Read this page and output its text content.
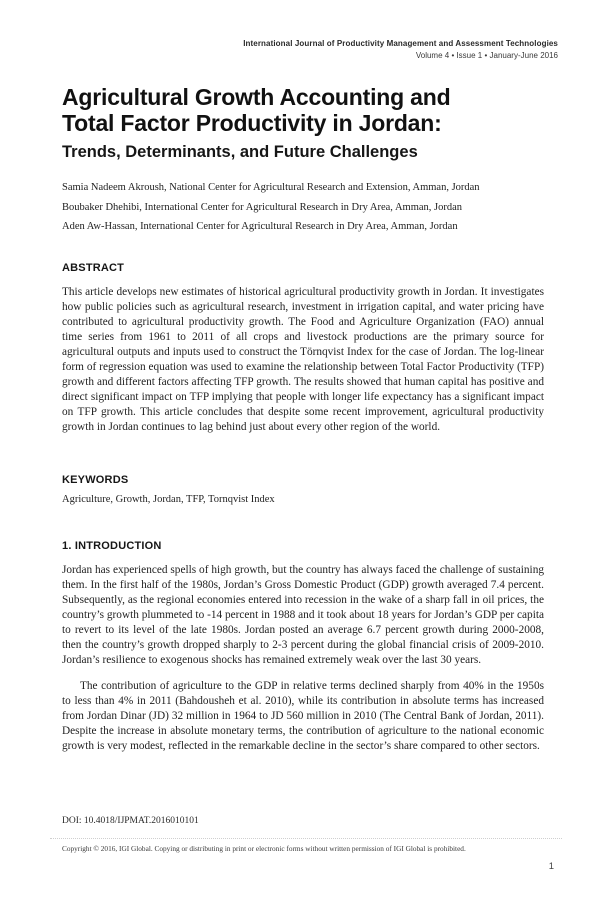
International Journal of Productivity Management and Assessment Technologies
Volume 4 • Issue 1 • January-June 2016
Agricultural Growth Accounting and
Total Factor Productivity in Jordan:
Trends, Determinants, and Future Challenges
Samia Nadeem Akroush, National Center for Agricultural Research and Extension, Amman, Jordan
Boubaker Dhehibi, International Center for Agricultural Research in Dry Area, Amman, Jordan
Aden Aw-Hassan, International Center for Agricultural Research in Dry Area, Amman, Jordan
ABSTRACT

This article develops new estimates of historical agricultural productivity growth in Jordan. It investigates how public policies such as agricultural research, investment in irrigation capital, and water pricing have contributed to agricultural productivity growth. The Food and Agriculture Organization (FAO) annual time series from 1961 to 2011 of all crops and livestock productions are the primary source for agricultural outputs and inputs used to construct the Törnqvist Index for the case of Jordan. The log-linear form of regression equation was used to examine the relationship between Total Factor Productivity (TFP) growth and different factors affecting TFP growth. The results showed that human capital has positive and direct significant impact on TFP implying that people with longer life expectancy has a significant impact on TFP growth. This article concludes that despite some recent improvement, agricultural productivity growth in Jordan continues to lag behind just about every other region of the world.

KEYWORDS
Agriculture, Growth, Jordan, TFP, Tornqvist Index
1. INTRODUCTION

Jordan has experienced spells of high growth, but the country has always faced the challenge of sustaining them. In the first half of the 1980s, Jordan’s Gross Domestic Product (GDP) growth averaged 7.4 percent. Subsequently, as the regional economies entered into recession in the wake of a sharp fall in oil prices, the country’s growth plummeted to -14 percent in 1988 and it took about 18 years for Jordan’s GDP per capita to revert to its level of the late 1980s. Jordan posted an average 6.7 percent growth during 2000-2008, then the country’s growth dropped sharply to 2-3 percent during the global financial crisis of 2009-2010. Jordan’s resilience to exogenous shocks has remained extremely weak over the last 30 years.

The contribution of agriculture to the GDP in relative terms declined sharply from 40% in the 1950s to less than 4% in 2011 (Bahdousheh et al. 2010), while its contribution in absolute terms has increased from Jordan Dinar (JD) 32 million in 1964 to JD 560 million in 2010 (The Central Bank of Jordan, 2011). Despite the increase in absolute monetary terms, the contribution of agriculture to the national economic growth is very modest, reflected in the remarkable decline in the sector’s share compared to other sectors.

DOI: 10.4018/IJPMAT.2016010101
Copyright © 2016, IGI Global. Copying or distributing in print or electronic forms without written permission of IGI Global is prohibited.
1
